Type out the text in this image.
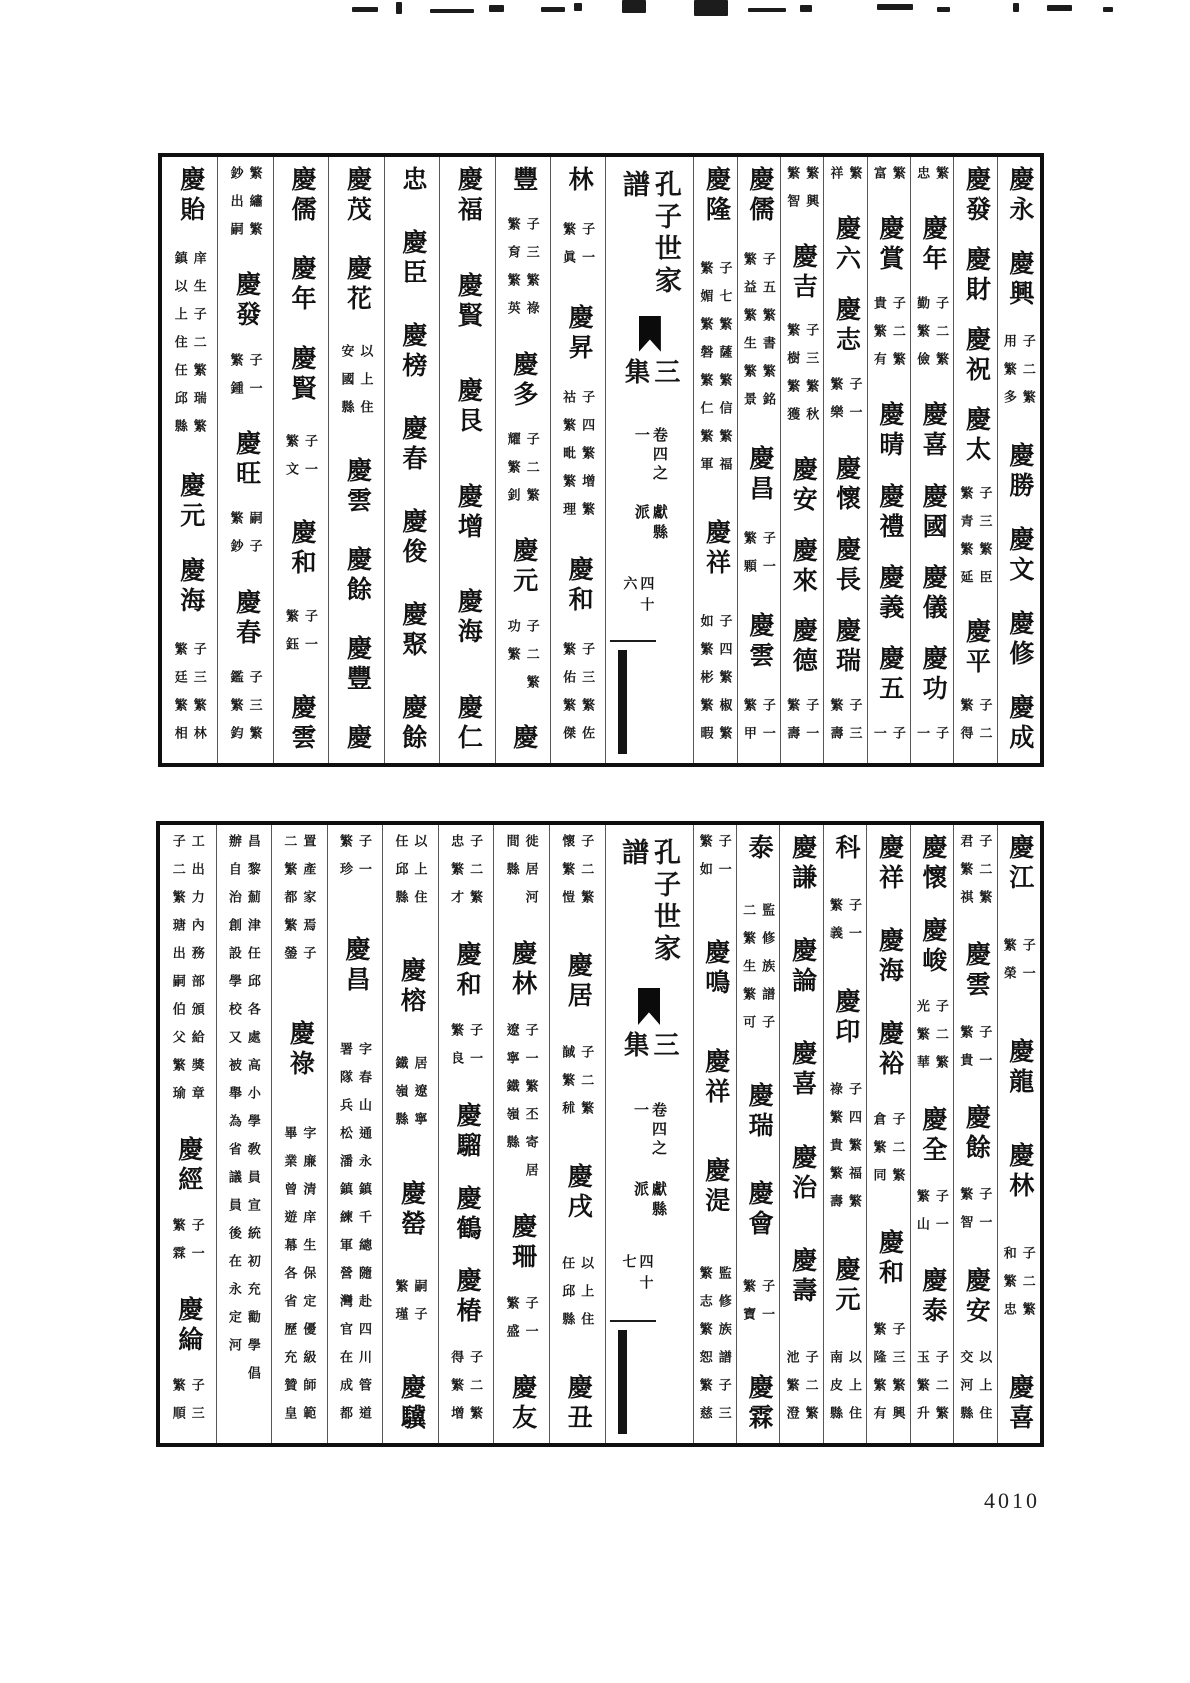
慶貽
庠生子二繁瑞繁鎮以上住任邱縣
慶元
慶海
子三繁林繁廷繁相
繁繡繁鈔出嗣
慶發
子一繁鍾
慶旺
嗣子繁鈔
慶春
子三繁鑑繁鈞
慶儒
慶年
慶賢
子一繁文
慶和
子一繁鈺
慶雲
慶茂
慶花
以上住安國縣
慶雲
慶餘
慶豐
慶
忠
慶臣
慶榜
慶春
慶俊
慶聚
慶餘
慶福
慶賢
慶艮
慶增
慶海
慶仁
豐
子三繁祿繁育繁英
慶多
子二繁耀繁釗
慶元
子二繁功繁
慶
林
子一繁眞
慶昇
子四繁增繁祜繁毗繁理
慶和
子三繁佐繁佑繁傑
孔子世家譜
三集
卷四之一
獻縣派
四十六
慶隆
子七繁薩繁信繁福繁媚繁磐繁仁繁軍
慶祥
子四繁椒繁如繁彬繁暇
慶儒
子五繁書繁銘繁益繁生繁景
慶昌
子一繁顆
慶雲
子一繁甲
繁興繁智
慶吉
子三繁秋繁樹繁獲
慶安
慶來
慶德
子一繁壽
繁祥
慶六
慶志
子一繁樂
慶懷
慶長
慶瑞
子三繁壽
繁富
慶賞
子二繁貴繁有
慶晴
慶禮
慶義
慶五
子一
繁忠
慶年
子二繁勤繁儉
慶喜
慶國
慶儀
慶功
子一
慶發
慶財
慶祝
慶太
子三繁臣繁青繁延
慶平
子二繁得
慶永
慶興
子二繁用繁多
慶勝
慶文
慶修
慶成
工出力內務部頒給獎章子二繁瑭出嗣伯父繁瑜
慶經
子一繁霖
慶綸
子三繁順
昌黎薊津任邱各處高小學敎員宣統初充勸學倡辦自治創設學校又被舉為省議員後在永定河	置產家焉子二繁都繁鎣
慶祿
字廉清庠生保定優級師範畢業曾遊幕各省歷充贊皇
子一繁珍
慶昌
字春山通永鎮千總隨赴四川管道署隊兵松潘鎮練軍營灣官在成都
以上住任邱縣
慶榕
居遼寧鐵嶺縣
慶罃
嗣子繁瑾
慶驥
子二繁忠繁才
慶和
子一繁良
慶騮
慶鶴
慶椿
子二繁得繁增
徙居河間縣
慶林
子一繁丕寄居遼寧鐵嶺縣
慶珊
子一繁盛
慶友
子二繁懷繁愷
慶居
子二繁馘繁秫
慶戌
以上住任邱縣
慶丑
孔子世家譜
三集
卷四之一
獻縣派
四十七
子一繁如
慶鳴
慶祥
慶湜
監修族譜子三繁志繁恕繁慈
泰
監修族譜子二繁生繁可
慶瑞
慶會
子一繁寶
慶霖
慶謙
慶論
慶喜
慶治
慶壽
子二繁池繁澄
科
子一繁義
慶印
子四繁福繁祿繁貴繁壽
慶元
以上住南皮縣
慶祥
慶海
慶裕
子二繁倉繁同
慶和
子三繁興繁隆繁有
慶懷
慶峻
子二繁光繁華
慶全
子一繁山
慶泰
子二繁玉繁升
子二繁君繁祺
慶雲
子一繁貴
慶餘
子一繁智
慶安
以上住交河縣
慶江
子一繁榮
慶龍
慶林
子二繁和繁忠
慶喜
4010
